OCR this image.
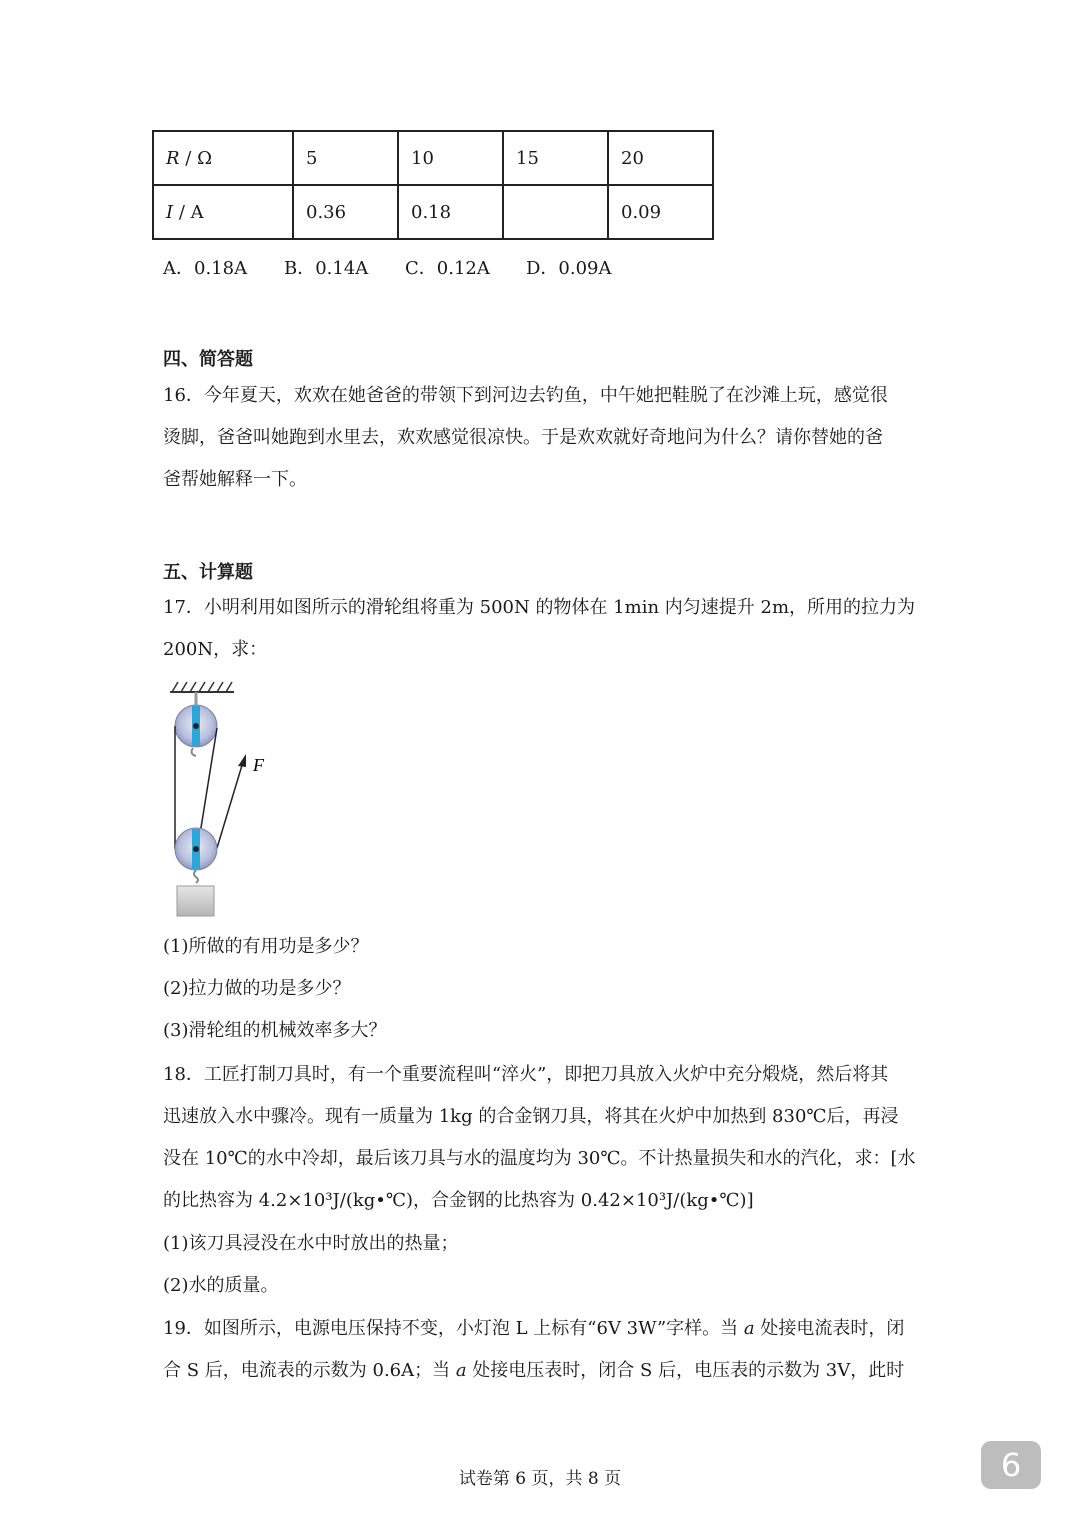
R / Ω	5	10	15	20
I / A	0.36	0.18		0.09
A．0.18A B．0.14A C．0.12A D．0.09A
四、简答题
16．今年夏天，欢欢在她爸爸的带领下到河边去钓鱼，中午她把鞋脱了在沙滩上玩，感觉很
烫脚，爸爸叫她跑到水里去，欢欢感觉很凉快。于是欢欢就好奇地问为什么？请你替她的爸
爸帮她解释一下。
五、计算题
17．小明利用如图所示的滑轮组将重为 500N 的物体在 1min 内匀速提升 2m，所用的拉力为
200N，求：
F
(1)所做的有用功是多少？
(2)拉力做的功是多少？
(3)滑轮组的机械效率多大？
18．工匠打制刀具时，有一个重要流程叫“淬火”，即把刀具放入火炉中充分煅烧，然后将其
迅速放入水中骤冷。现有一质量为 1kg 的合金钢刀具，将其在火炉中加热到 830℃后，再浸
没在 10℃的水中冷却，最后该刀具与水的温度均为 30℃。不计热量损失和水的汽化，求：[水
的比热容为 4.2×10³J/(kg•℃)，合金钢的比热容为 0.42×10³J/(kg•℃)]
(1)该刀具浸没在水中时放出的热量；
(2)水的质量。
19．如图所示，电源电压保持不变，小灯泡 L 上标有“6V 3W”字样。当 a 处接电流表时，闭
合 S 后，电流表的示数为 0.6A；当 a 处接电压表时，闭合 S 后，电压表的示数为 3V，此时
试卷第 6 页，共 8 页	6
